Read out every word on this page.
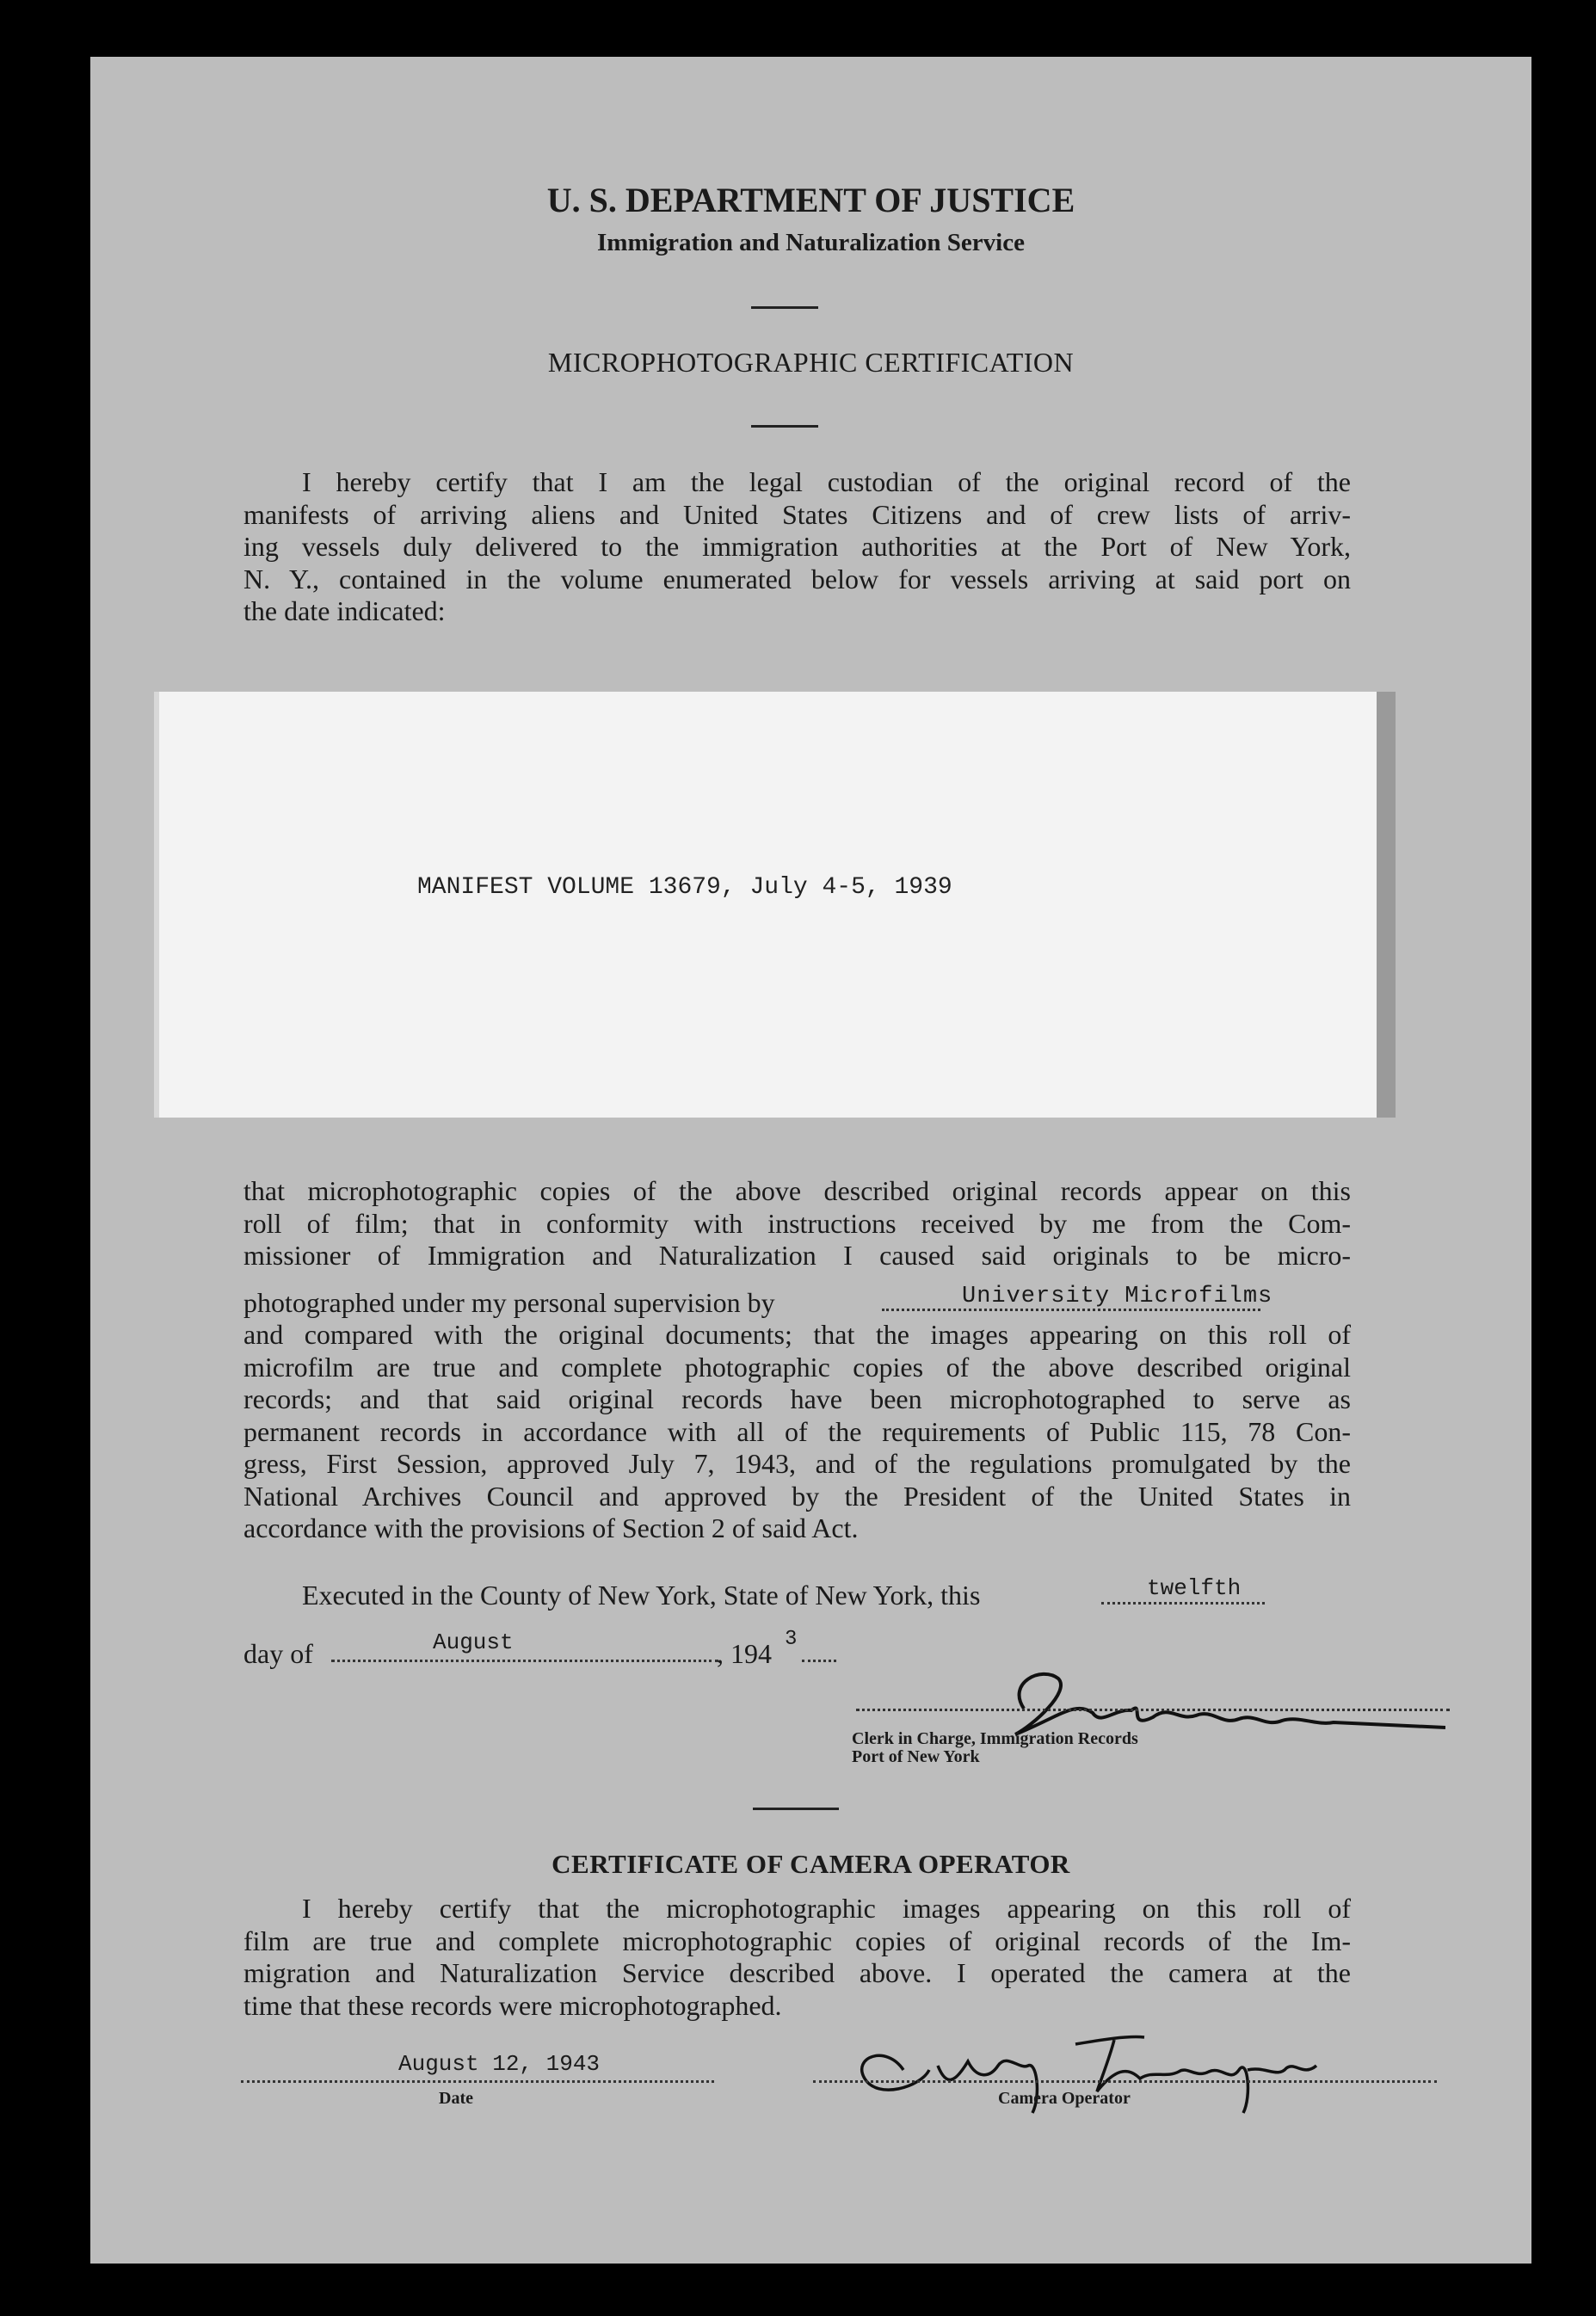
U. S. DEPARTMENT OF JUSTICE
Immigration and Naturalization Service
MICROPHOTOGRAPHIC CERTIFICATION
I hereby certify that I am the legal custodian of the original record of the
manifests of arriving aliens and United States Citizens and of crew lists of arriv-
ing vessels duly delivered to the immigration authorities at the Port of New York,
N. Y., contained in the volume enumerated below for vessels arriving at said port on
the date indicated:
MANIFEST VOLUME 13679, July 4-5, 1939
that microphotographic copies of the above described original records appear on this
roll of film; that in conformity with instructions received by me from the Com-
missioner of Immigration and Naturalization I caused said originals to be micro-
photographed under my personal supervision by	University Microfilms
and compared with the original documents; that the images appearing on this roll of
microfilm are true and complete photographic copies of the above described original
records; and that said original records have been microphotographed to serve as
permanent records in accordance with all of the requirements of Public 115, 78 Con-
gress, First Session, approved July 7, 1943, and of the regulations promulgated by the
National Archives Council and approved by the President of the United States in
accordance with the provisions of Section 2 of said Act.
Executed in the County of New York, State of New York, this	twelfth
day of	August	, 194 3
Clerk in Charge, Immigration Records
Port of New York
CERTIFICATE OF CAMERA OPERATOR
I hereby certify that the microphotographic images appearing on this roll of
film are true and complete microphotographic copies of original records of the Im-
migration and Naturalization Service described above. I operated the camera at the
time that these records were microphotographed.
August 12, 1943
Date	Camera Operator
